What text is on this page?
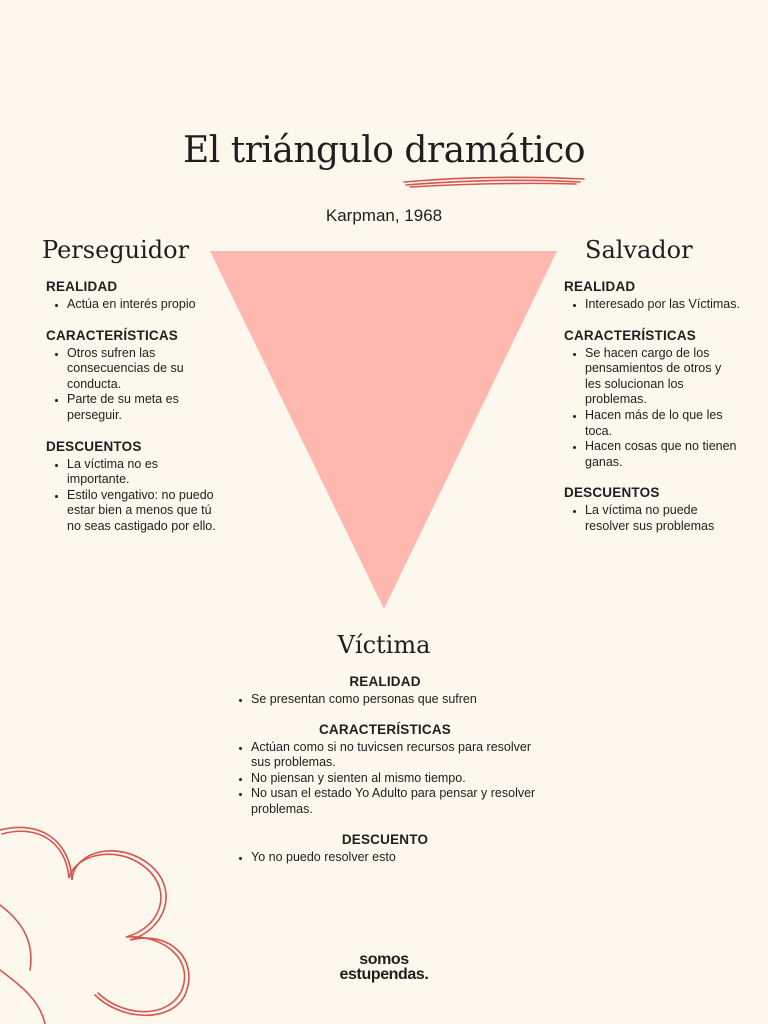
El triángulo dramático
Karpman, 1968
Perseguidor	Salvador
Víctima
REALIDAD
• Actúa en interés propio
CARACTERÍSTICAS
• Otros sufren las consecuencias de su conducta.
• Parte de su meta es perseguir.
DESCUENTOS
• La víctima no es importante.
• Estilo vengativo: no puedo estar bien a menos que tú no seas castigado por ello.
REALIDAD
• Interesado por las Víctimas.
CARACTERÍSTICAS
• Se hacen cargo de los pensamientos de otros y les solucionan los problemas.
• Hacen más de lo que les toca.
• Hacen cosas que no tienen ganas.
DESCUENTOS
• La víctima no puede resolver sus problemas
REALIDAD
• Se presentan como personas que sufren
CARACTERÍSTICAS
• Actúan como si no tuvicsen recursos para resolver sus problemas.
• No piensan y sienten al mismo tiempo.
• No usan el estado Yo Adulto para pensar y resolver problemas.
DESCUENTO
• Yo no puedo resolver esto
somos
estupendas.
